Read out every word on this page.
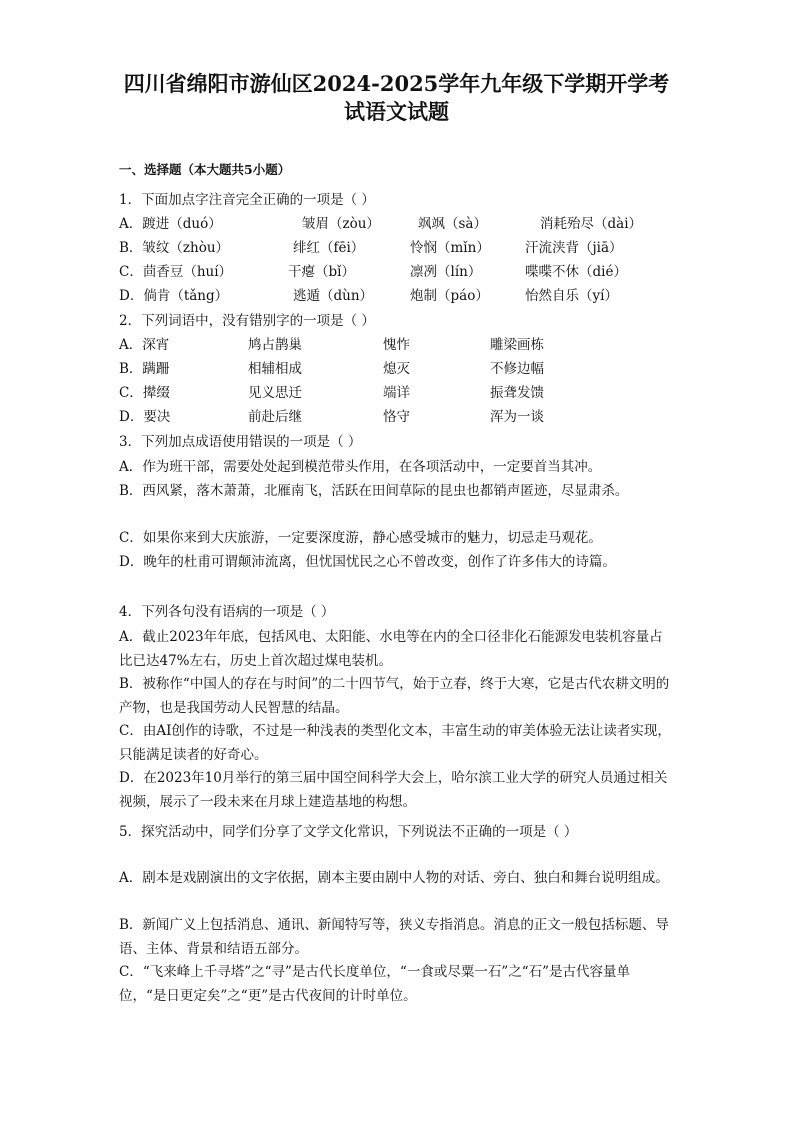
四川省绵阳市游仙区2024-2025学年九年级下学期开学考
试语文试题
一、选择题（本大题共5小题）
1．下面加点字注音完全正确的一项是（ ）
A．踱进（duó）	皱眉（zòu）	飒飒（sà）	消耗殆尽（dài）
B．皱纹（zhòu）	绯红（fēi）	怜悯（mǐn）	汗流浃背（jiā）
C．茴香豆（huí）	干瘪（bǐ）	凛冽（lín）	喋喋不休（dié）
D．倘肯（tǎng）	逃遁（dùn）	炮制（páo）	怡然自乐（yí）
2．下列词语中，没有错别字的一项是（ ）
A．深宵	鸠占鹊巢	愧怍	雕梁画栋
B．蹒跚	相辅相成	熄灭	不修边幅
C．撵缀	见义思迁	端详	振聋发馈
D．要决	前赴后继	恪守	浑为一谈
3．下列加点成语使用错误的一项是（ ）
A．作为班干部，需要处处起到模范带头作用，在各项活动中，一定要首当其冲。
B．西风紧，落木萧萧，北雁南飞，活跃在田间草际的昆虫也都销声匿迹，尽显肃杀。
C．如果你来到大庆旅游，一定要深度游，静心感受城市的魅力，切忌走马观花。
D．晚年的杜甫可谓颠沛流离，但忧国忧民之心不曾改变，创作了许多伟大的诗篇。
4．下列各句没有语病的一项是（ ）
A．截止2023年年底，包括风电、太阳能、水电等在内的全口径非化石能源发电装机容量占比已达47%左右，历史上首次超过煤电装机。
B．被称作“中国人的存在与时间”的二十四节气，始于立春，终于大寒，它是古代农耕文明的产物，也是我国劳动人民智慧的结晶。
C．由AI创作的诗歌，不过是一种浅表的类型化文本，丰富生动的审美体验无法让读者实现，只能满足读者的好奇心。
D．在2023年10月举行的第三届中国空间科学大会上，哈尔滨工业大学的研究人员通过相关视频，展示了一段未来在月球上建造基地的构想。
5．探究活动中，同学们分享了文学文化常识，下列说法不正确的一项是（ ）
A．剧本是戏剧演出的文字依据，剧本主要由剧中人物的对话、旁白、独白和舞台说明组成。
B．新闻广义上包括消息、通讯、新闻特写等，狭义专指消息。消息的正文一般包括标题、导语、主体、背景和结语五部分。
C．“飞来峰上千寻塔”之“寻”是古代长度单位，“一食或尽粟一石”之“石”是古代容量单位，“是日更定矣”之“更”是古代夜间的计时单位。
